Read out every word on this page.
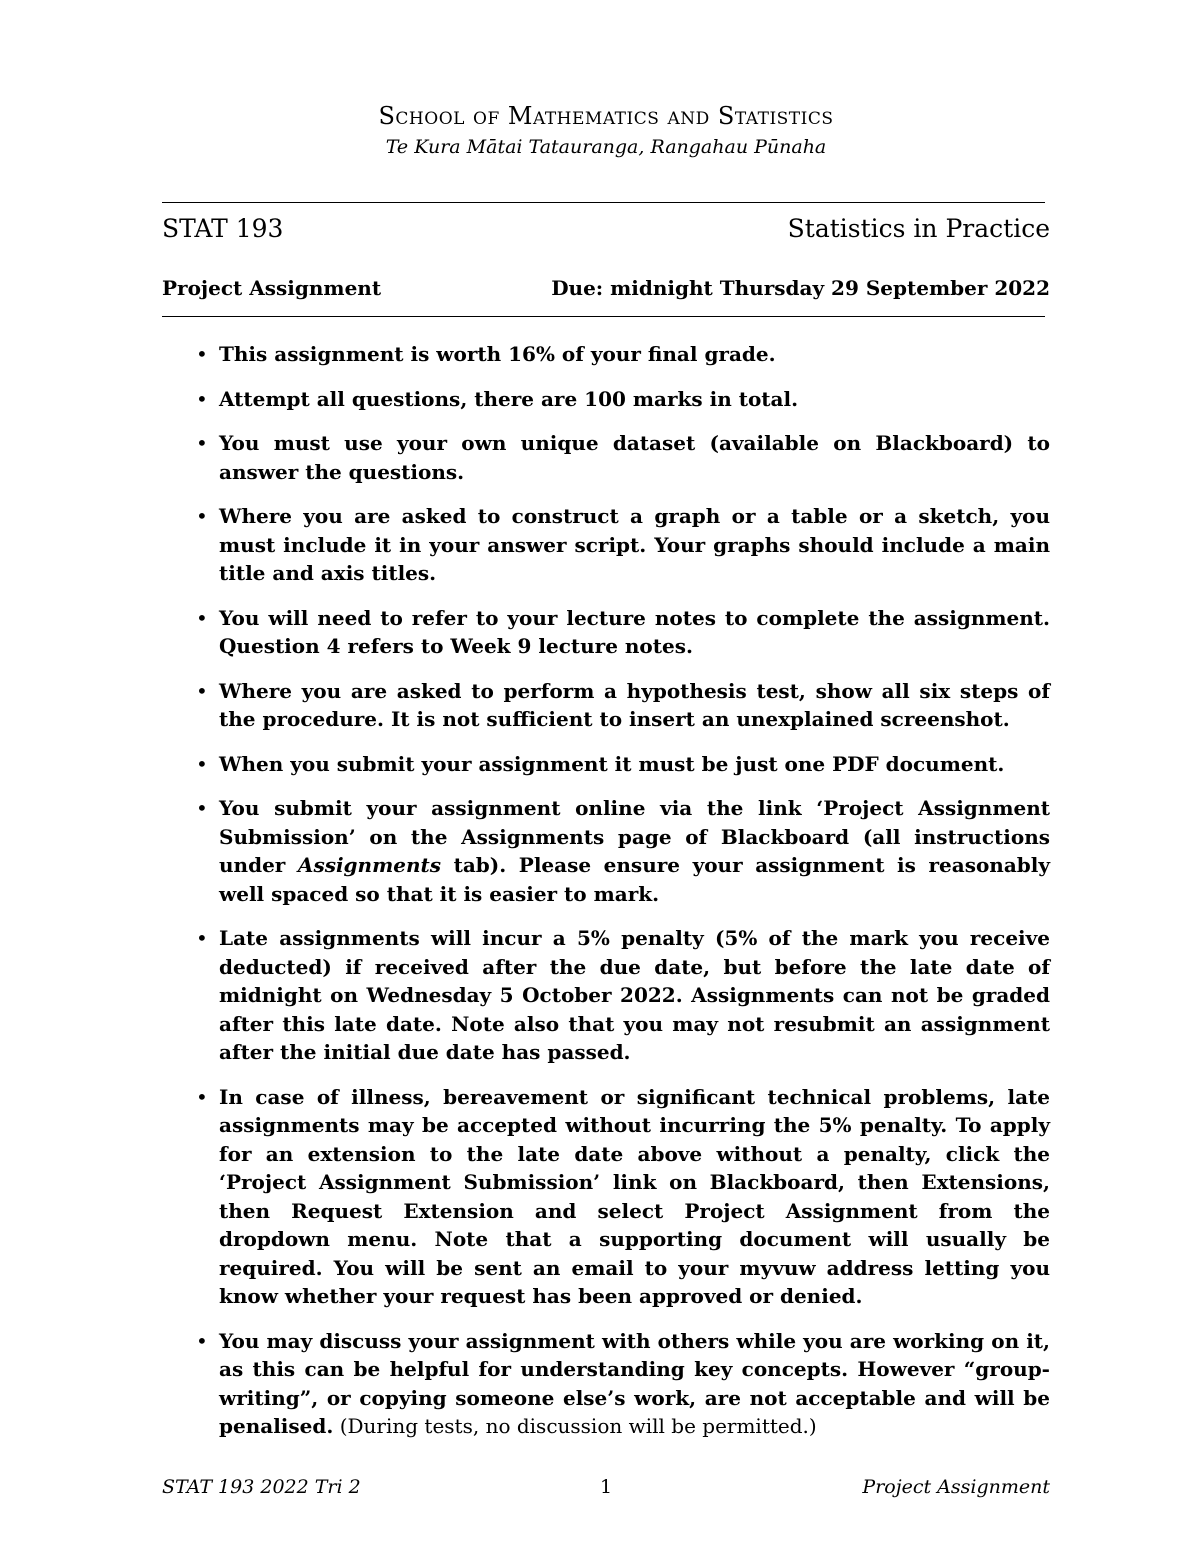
School of Mathematics and Statistics
Te Kura Mātai Tatauranga, Rangahau Pūnaha
STAT 193	Statistics in Practice
Project Assignment	Due: midnight Thursday 29 September 2022
• This assignment is worth 16% of your final grade.
• Attempt all questions, there are 100 marks in total.
• You must use your own unique dataset (available on Blackboard) to answer the questions.
• Where you are asked to construct a graph or a table or a sketch, you must include it in your answer script. Your graphs should include a main title and axis titles.
• You will need to refer to your lecture notes to complete the assignment. Question 4 refers to Week 9 lecture notes.
• Where you are asked to perform a hypothesis test, show all six steps of the procedure. It is not sufficient to insert an unexplained screenshot.
• When you submit your assignment it must be just one PDF document.
• You submit your assignment online via the link ‘Project Assignment Submission’ on the Assignments page of Blackboard (all instructions under Assignments tab). Please ensure your assignment is reasonably well spaced so that it is easier to mark.
• Late assignments will incur a 5% penalty (5% of the mark you receive deducted) if received after the due date, but before the late date of midnight on Wednesday 5 October 2022. Assignments can not be graded after this late date. Note also that you may not resubmit an assignment after the initial due date has passed.
• In case of illness, bereavement or significant technical problems, late assignments may be accepted without incurring the 5% penalty. To apply for an extension to the late date above without a penalty, click the ‘Project Assignment Submission’ link on Blackboard, then Extensions, then Request Extension and select Project Assignment from the dropdown menu. Note that a supporting document will usually be required. You will be sent an email to your myvuw address letting you know whether your request has been approved or denied.
• You may discuss your assignment with others while you are working on it, as this can be helpful for understanding key concepts. However “group-writing”, or copying someone else’s work, are not acceptable and will be penalised. (During tests, no discussion will be permitted.)
STAT 193 2022 Tri 2	1	Project Assignment
